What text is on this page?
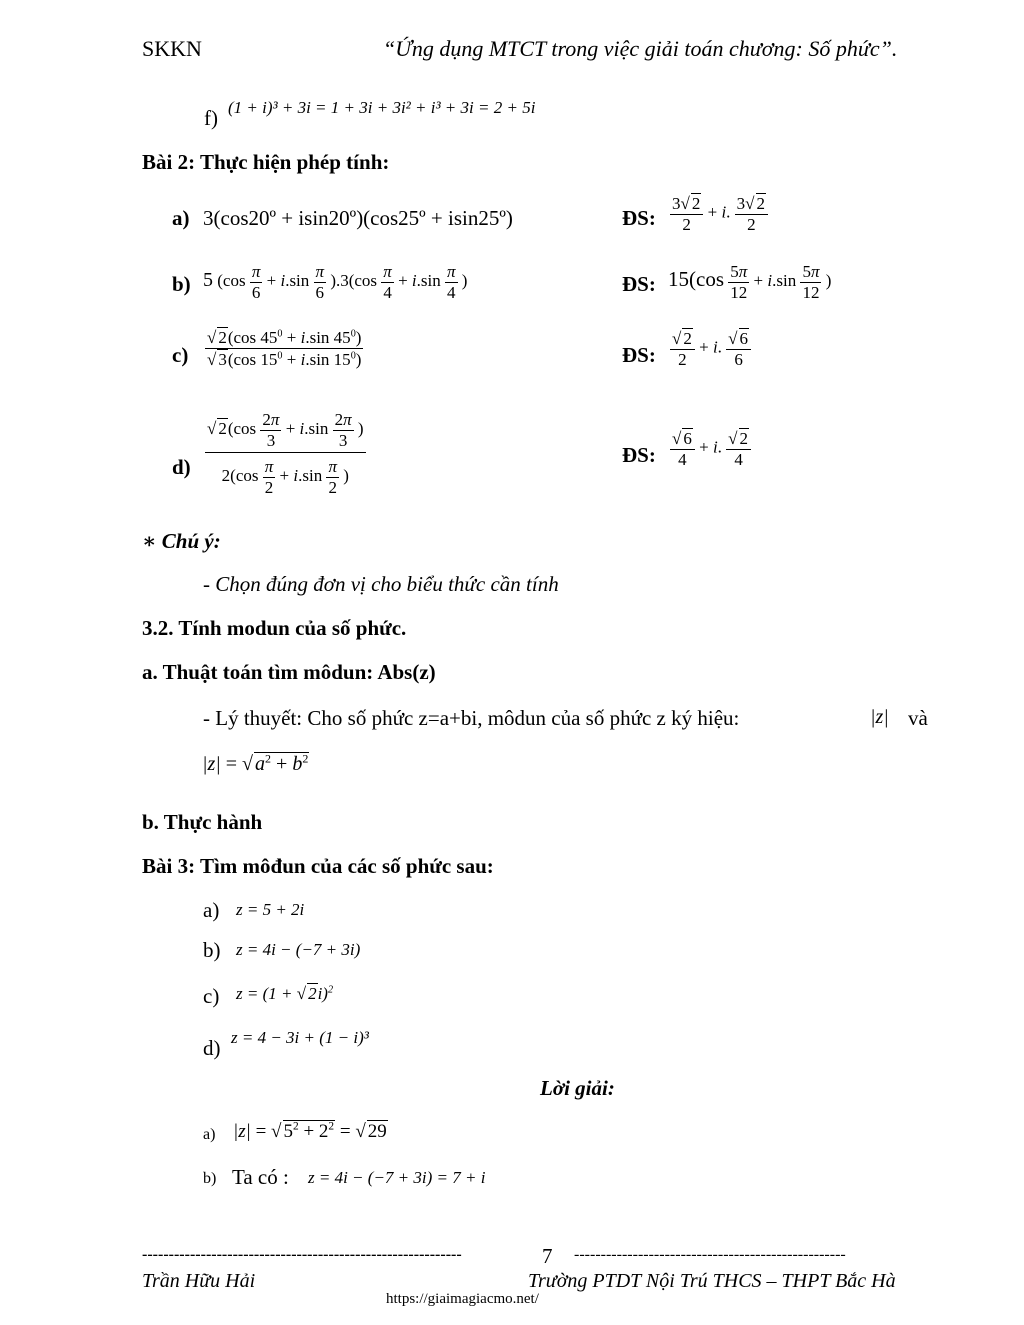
SKKN	“Ứng dụng MTCT trong việc giải toán chương: Số phức”.
f) (1 + i)³ + 3i = 1 + 3i + 3i² + i³ + 3i = 2 + 5i
Bài 2: Thực hiện phép tính:
a) 3(cos20º + isin20º)(cos25º + isin25º)	ĐS: $\frac{3√ 2}{2} + i$. $\frac{3√ 2}{2}$
b) 5 $(\cos \frac{\pi}{6} + i.\sin \frac{\pi}{6} ).3(\cos \frac{\pi}{4} + i.\sin \frac{\pi}{4}$ )	ĐS: $15(\cos \frac{5\pi}{12} + i.\sin \frac{5\pi}{12}$ )
$c) \frac{√ 2(\cos 45^0 + i.\sin 45^0)}{√ 3(\cos 15^0 + i.\sin 15^0)}$	ĐS: $\frac{√ 2}{2} + i$. $\frac{√ 6}{6}$
$d) \frac{√ 2(\cos \frac{2\pi}{3} + i.\sin \frac{2\pi}{3} )}{2(\cos \frac{\pi}{2} + i.\sin \frac{\pi}{2} )}$	ĐS: $\frac{√ 6}{4} + i$. $\frac{√ 2}{4}$
∗ Chú ý:
- Chọn đúng đơn vị cho biểu thức cần tính
3.2. Tính modun của số phức.
a. Thuật toán tìm môdun: Abs(z)
- Lý thuyết: Cho số phức z=a+bi, môdun của số phức z ký hiệu:	|z| và
|z| = √ $a^2 + b^2$
b. Thực hành
Bài 3: Tìm môđun của các số phức sau:
a) z = 5 + 2i
b) z = 4i − (−7 + 3i)
c) z = (1 + √ 2i)$^2$
d) z = 4 − 3i + (1 − i)³
Lời giải:
a) |z| = √ $5^2 + 2^2$ = √ 29
b) Ta có : z = 4i − (−7 + 3i) = 7 + i
------------------------------------------------------------	7 ---------------------------------------------------
Trần Hữu Hải	Trường PTDT Nội Trú THCS – THPT Bắc Hà
https://giaimagiacmo.net/
